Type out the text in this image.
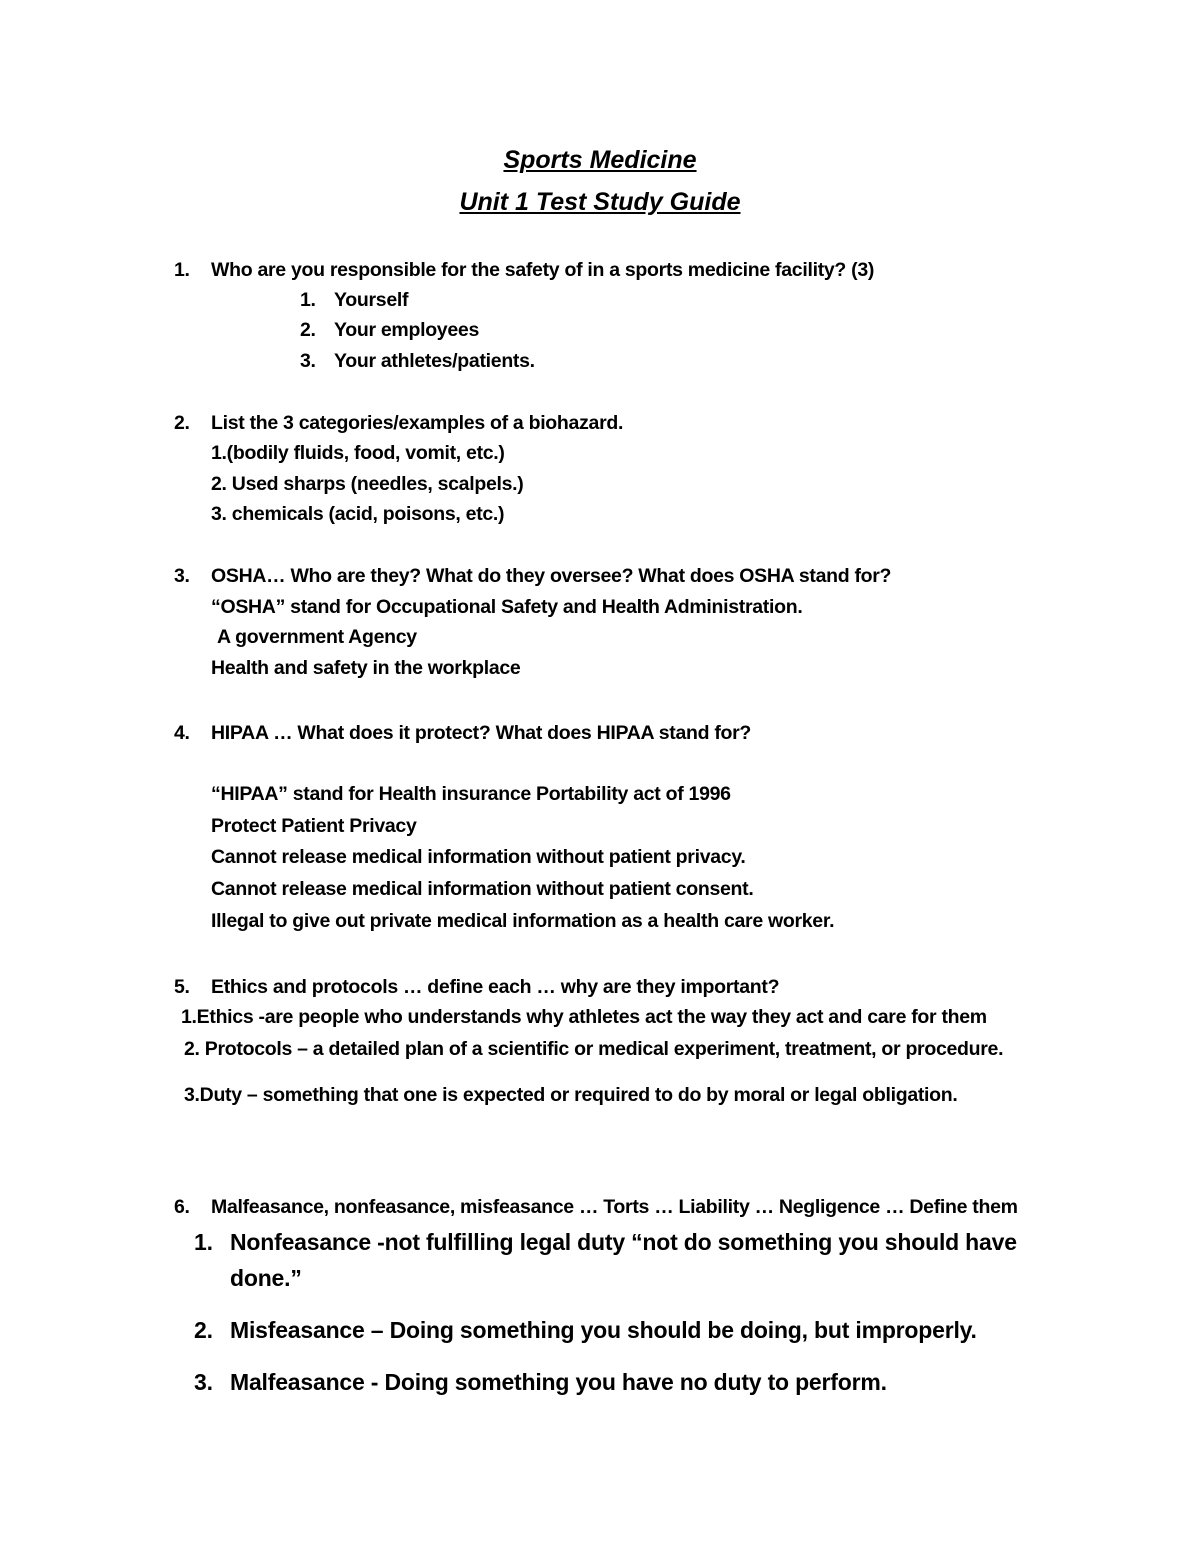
Sports Medicine
Unit 1 Test Study Guide
1. Who are you responsible for the safety of in a sports medicine facility? (3)
1. Yourself
2. Your employees
3. Your athletes/patients.
2. List the 3 categories/examples of a biohazard.
1.(bodily fluids, food, vomit, etc.)
2. Used sharps (needles, scalpels.)
3. chemicals (acid, poisons, etc.)
3. OSHA… Who are they? What do they oversee? What does OSHA stand for?
“OSHA” stand for Occupational Safety and Health Administration.
A government Agency
Health and safety in the workplace
4. HIPAA … What does it protect? What does HIPAA stand for?
“HIPAA” stand for Health insurance Portability act of 1996
Protect Patient Privacy
Cannot release medical information without patient privacy.
Cannot release medical information without patient consent.
Illegal to give out private medical information as a health care worker.
5. Ethics and protocols … define each … why are they important?
1.Ethics -are people who understands why athletes act the way they act and care for them
2. Protocols – a detailed plan of a scientific or medical experiment, treatment, or procedure.
3.Duty – something that one is expected or required to do by moral or legal obligation.
6. Malfeasance, nonfeasance, misfeasance … Torts … Liability … Negligence … Define them
1. Nonfeasance -not fulfilling legal duty “not do something you should have
done.”
2. Misfeasance – Doing something you should be doing, but improperly.
3. Malfeasance - Doing something you have no duty to perform.
